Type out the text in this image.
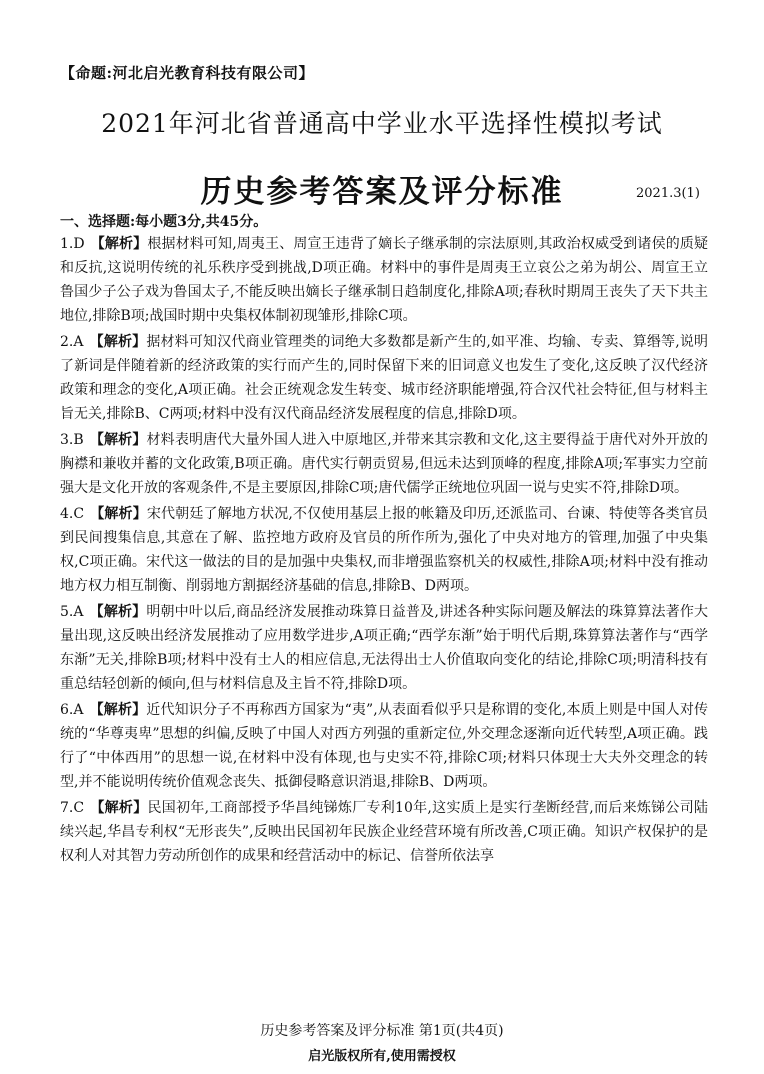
【命题:河北启光教育科技有限公司】
2021年河北省普通高中学业水平选择性模拟考试
历史参考答案及评分标准	2021.3(1)
一、选择题:每小题3分,共45分。
1.D 【解析】根据材料可知,周夷王、周宣王违背了嫡长子继承制的宗法原则,其政治权威受到诸侯的质疑和反抗,这说明传统的礼乐秩序受到挑战,D项正确。材料中的事件是周夷王立哀公之弟为胡公、周宣王立鲁国少子公子戏为鲁国太子,不能反映出嫡长子继承制日趋制度化,排除A项;春秋时期周王丧失了天下共主地位,排除B项;战国时期中央集权体制初现雏形,排除C项。
2.A 【解析】据材料可知汉代商业管理类的词绝大多数都是新产生的,如平准、均输、专卖、算缗等,说明了新词是伴随着新的经济政策的实行而产生的,同时保留下来的旧词意义也发生了变化,这反映了汉代经济政策和理念的变化,A项正确。社会正统观念发生转变、城市经济职能增强,符合汉代社会特征,但与材料主旨无关,排除B、C两项;材料中没有汉代商品经济发展程度的信息,排除D项。
3.B 【解析】材料表明唐代大量外国人进入中原地区,并带来其宗教和文化,这主要得益于唐代对外开放的胸襟和兼收并蓄的文化政策,B项正确。唐代实行朝贡贸易,但远未达到顶峰的程度,排除A项;军事实力空前强大是文化开放的客观条件,不是主要原因,排除C项;唐代儒学正统地位巩固一说与史实不符,排除D项。
4.C 【解析】宋代朝廷了解地方状况,不仅使用基层上报的帐籍及印历,还派监司、台谏、特使等各类官员到民间搜集信息,其意在了解、监控地方政府及官员的所作所为,强化了中央对地方的管理,加强了中央集权,C项正确。宋代这一做法的目的是加强中央集权,而非增强监察机关的权威性,排除A项;材料中没有推动地方权力相互制衡、削弱地方割据经济基础的信息,排除B、D两项。
5.A 【解析】明朝中叶以后,商品经济发展推动珠算日益普及,讲述各种实际问题及解法的珠算算法著作大量出现,这反映出经济发展推动了应用数学进步,A项正确;“西学东渐”始于明代后期,珠算算法著作与“西学东渐”无关,排除B项;材料中没有士人的相应信息,无法得出士人价值取向变化的结论,排除C项;明清科技有重总结轻创新的倾向,但与材料信息及主旨不符,排除D项。
6.A 【解析】近代知识分子不再称西方国家为“夷”,从表面看似乎只是称谓的变化,本质上则是中国人对传统的“华尊夷卑”思想的纠偏,反映了中国人对西方列强的重新定位,外交理念逐渐向近代转型,A项正确。践行了“中体西用”的思想一说,在材料中没有体现,也与史实不符,排除C项;材料只体现士大夫外交理念的转型,并不能说明传统价值观念丧失、抵御侵略意识消退,排除B、D两项。
7.C 【解析】民国初年,工商部授予华昌纯锑炼厂专利10年,这实质上是实行垄断经营,而后来炼锑公司陆续兴起,华昌专利权“无形丧失”,反映出民国初年民族企业经营环境有所改善,C项正确。知识产权保护的是权利人对其智力劳动所创作的成果和经营活动中的标记、信誉所依法享
历史参考答案及评分标准 第1页(共4页)
启光版权所有,使用需授权
